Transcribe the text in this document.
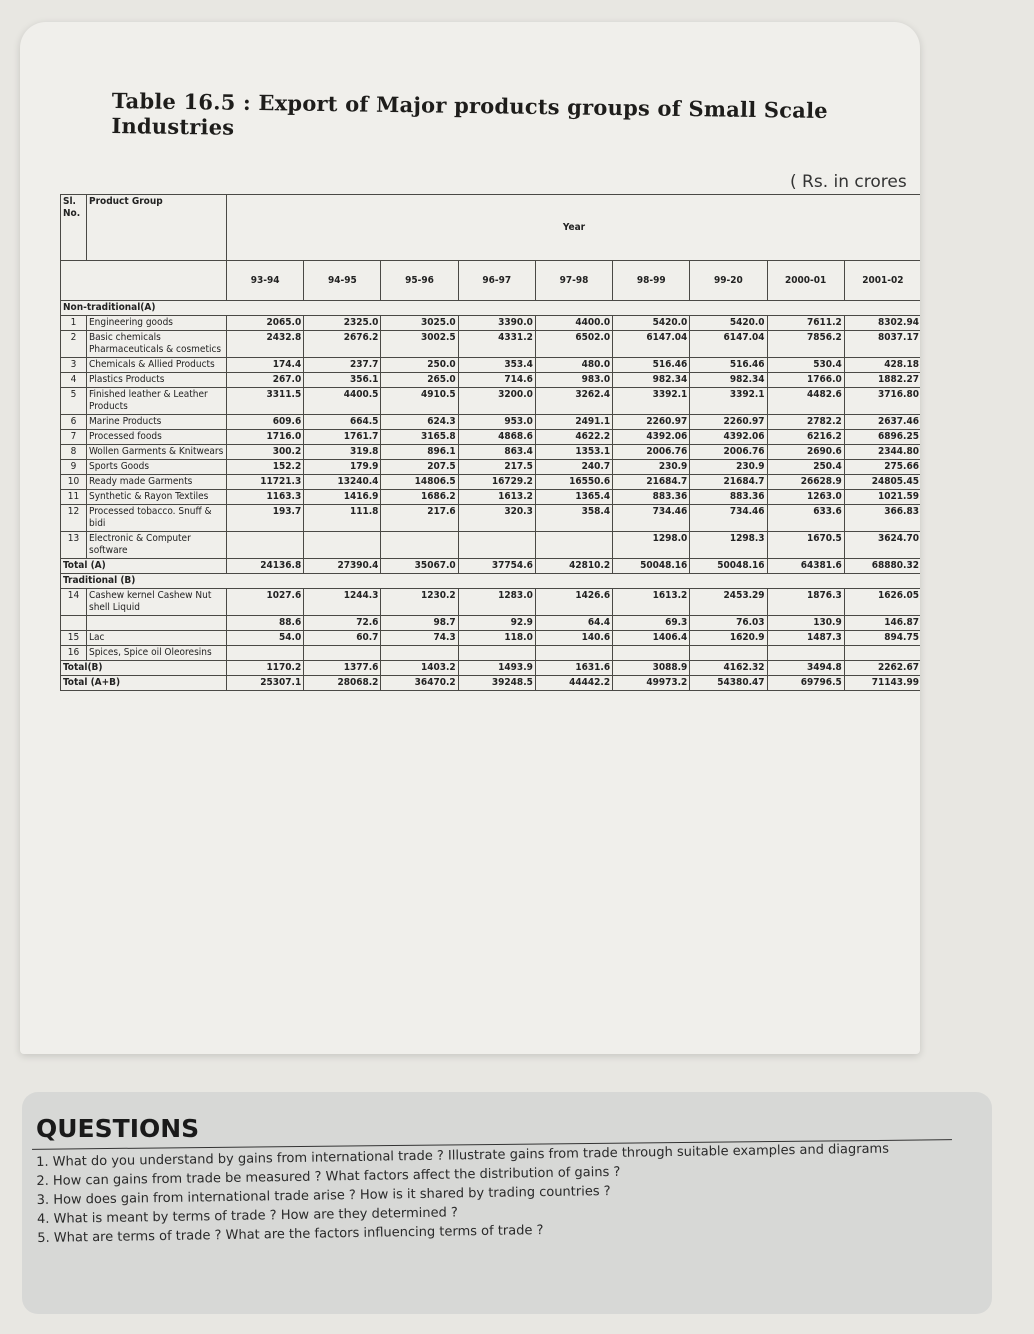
Table 16.5 : Export of Major products groups of Small Scale Industries
( Rs. in crores
Sl. No.	Product Group	Year								
		93-94	94-95	95-96	96-97	97-98	98-99	99-20	2000-01	2001-02
Non-traditional(A)										
1	Engineering goods	2065.0	2325.0	3025.0	3390.0	4400.0	5420.0	5420.0	7611.2	8302.94
2	Basic chemicals Pharmaceuticals & cosmetics	2432.8	2676.2	3002.5	4331.2	6502.0	6147.04	6147.04	7856.2	8037.17
3	Chemicals & Allied Products	174.4	237.7	250.0	353.4	480.0	516.46	516.46	530.4	428.18
4	Plastics Products	267.0	356.1	265.0	714.6	983.0	982.34	982.34	1766.0	1882.27
5	Finished leather & Leather Products	3311.5	4400.5	4910.5	3200.0	3262.4	3392.1	3392.1	4482.6	3716.80
6	Marine Products	609.6	664.5	624.3	953.0	2491.1	2260.97	2260.97	2782.2	2637.46
7	Processed foods	1716.0	1761.7	3165.8	4868.6	4622.2	4392.06	4392.06	6216.2	6896.25
8	Wollen Garments & Knitwears	300.2	319.8	896.1	863.4	1353.1	2006.76	2006.76	2690.6	2344.80
9	Sports Goods	152.2	179.9	207.5	217.5	240.7	230.9	230.9	250.4	275.66
10	Ready made Garments	11721.3	13240.4	14806.5	16729.2	16550.6	21684.7	21684.7	26628.9	24805.45
11	Synthetic & Rayon Textiles	1163.3	1416.9	1686.2	1613.2	1365.4	883.36	883.36	1263.0	1021.59
12	Processed tobacco. Snuff & bidi	193.7	111.8	217.6	320.3	358.4	734.46	734.46	633.6	366.83
13	Electronic & Computer software						1298.0	1298.3	1670.5	3624.70
Total (A)		24136.8	27390.4	35067.0	37754.6	42810.2	50048.16	50048.16	64381.6	68880.32
Traditional (B)										
14	Cashew kernel Cashew Nut shell Liquid	1027.6	1244.3	1230.2	1283.0	1426.6	1613.2	2453.29	1876.3	1626.05
		88.6	72.6	98.7	92.9	64.4	69.3	76.03	130.9	146.87
15	Lac	54.0	60.7	74.3	118.0	140.6	1406.4	1620.9	1487.3	894.75
16	Spices, Spice oil Oleoresins									
Total(B)		1170.2	1377.6	1403.2	1493.9	1631.6	3088.9	4162.32	3494.8	2262.67
Total (A+B)		25307.1	28068.2	36470.2	39248.5	44442.2	49973.2	54380.47	69796.5	71143.99
QUESTIONS
1. What do you understand by gains from international trade ? Illustrate gains from trade through suitable examples and diagrams
2. How can gains from trade be measured ? What factors affect the distribution of gains ?
3. How does gain from international trade arise ? How is it shared by trading countries ?
4. What is meant by terms of trade ? How are they determined ?
5. What are terms of trade ? What are the factors influencing terms of trade ?
